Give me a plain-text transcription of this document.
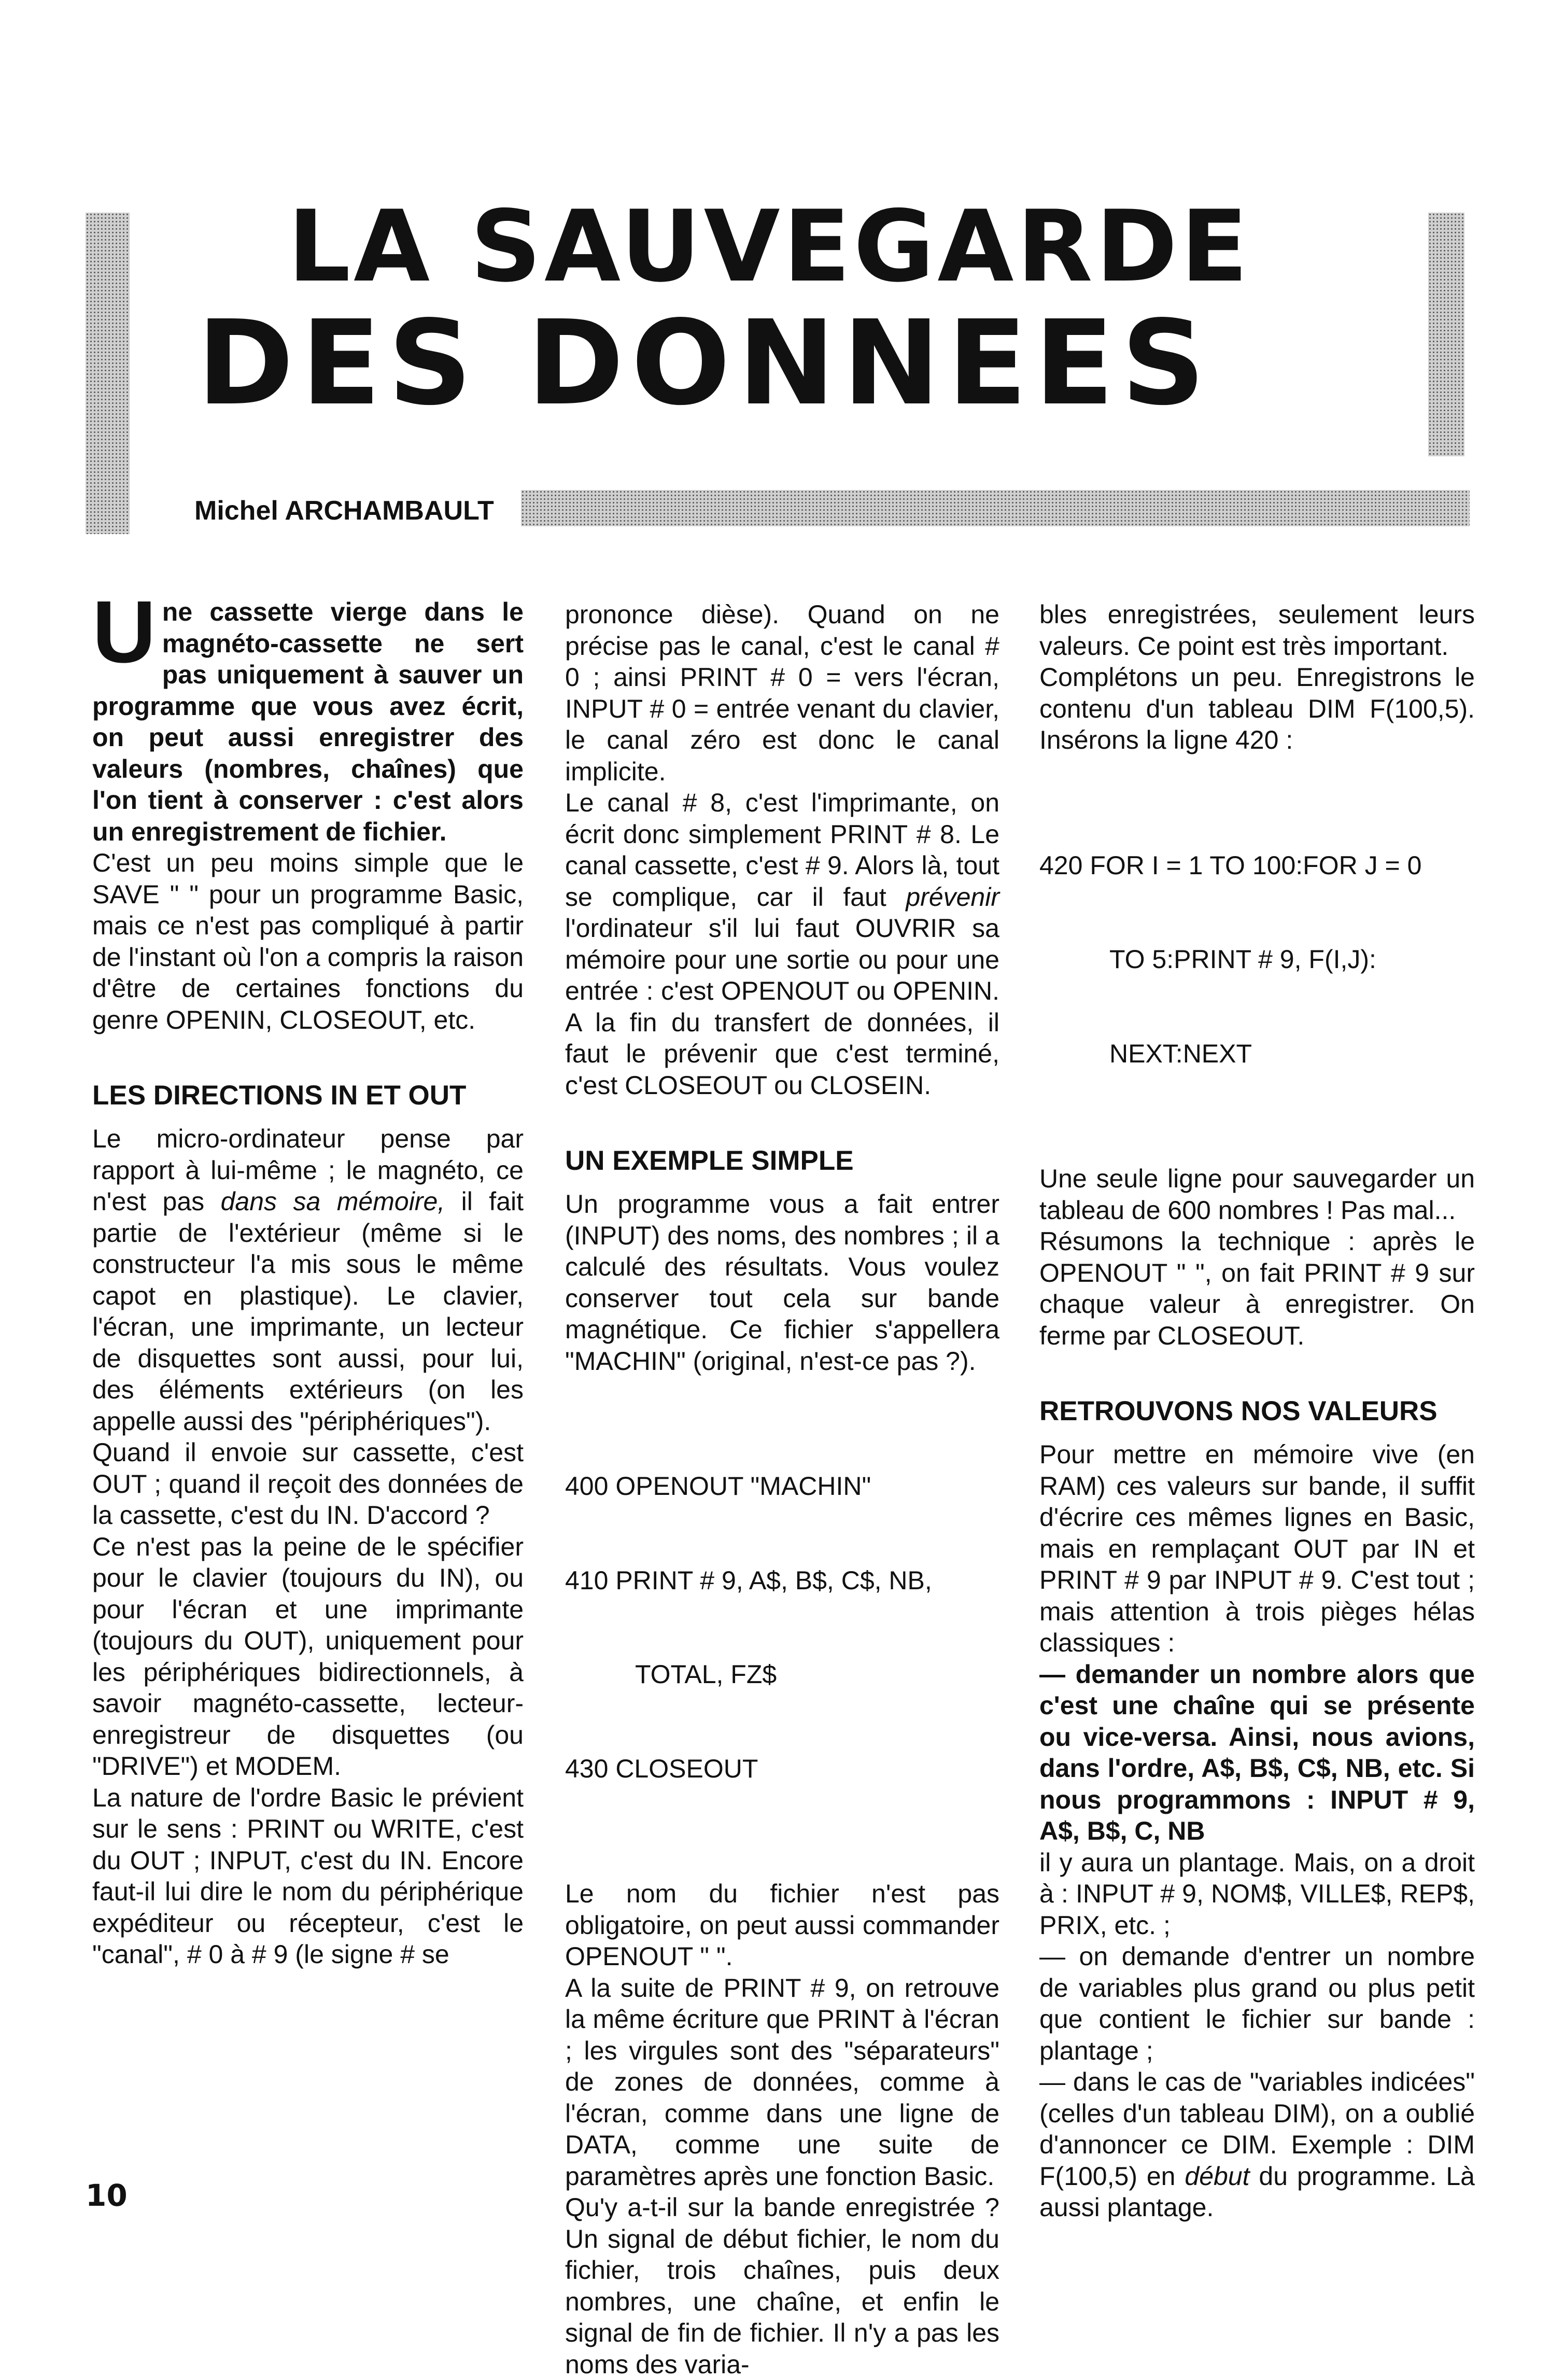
LA SAUVEGARDE
DES DONNEES
Michel ARCHAMBAULT
U ne cassette vierge dans le magnéto-cassette ne sert pas uniquement à sauver un programme que vous avez écrit, on peut aussi enregistrer des valeurs (nombres, chaînes) que l'on tient à conserver : c'est alors un enregistrement de fichier.

C'est un peu moins simple que le SAVE " " pour un programme Basic, mais ce n'est pas compliqué à partir de l'instant où l'on a compris la raison d'être de certaines fonctions du genre OPENIN, CLOSEOUT, etc.

LES DIRECTIONS IN ET OUT

Le micro-ordinateur pense par rapport à lui-même ; le magnéto, ce n'est pas dans sa mémoire, il fait partie de l'extérieur (même si le constructeur l'a mis sous le même capot en plastique). Le clavier, l'écran, une imprimante, un lecteur de disquettes sont aussi, pour lui, des éléments extérieurs (on les appelle aussi des "périphériques").

Quand il envoie sur cassette, c'est OUT ; quand il reçoit des données de la cassette, c'est du IN. D'accord ?

Ce n'est pas la peine de le spécifier pour le clavier (toujours du IN), ou pour l'écran et une imprimante (toujours du OUT), uniquement pour les périphériques bidirectionnels, à savoir magnéto-cassette, lecteur-enregistreur de disquettes (ou "DRIVE") et MODEM.

La nature de l'ordre Basic le prévient sur le sens : PRINT ou WRITE, c'est du OUT ; INPUT, c'est du IN. Encore faut-il lui dire le nom du périphérique expéditeur ou récepteur, c'est le "canal", # 0 à # 9 (le signe # se

prononce dièse). Quand on ne précise pas le canal, c'est le canal # 0 ; ainsi PRINT # 0 = vers l'écran, INPUT # 0 = entrée venant du clavier, le canal zéro est donc le canal implicite.

Le canal # 8, c'est l'imprimante, on écrit donc simplement PRINT # 8. Le canal cassette, c'est # 9. Alors là, tout se complique, car il faut prévenir l'ordinateur s'il lui faut OUVRIR sa mémoire pour une sortie ou pour une entrée : c'est OPENOUT ou OPENIN. A la fin du transfert de données, il faut le prévenir que c'est terminé, c'est CLOSEOUT ou CLOSEIN.

UN EXEMPLE SIMPLE

Un programme vous a fait entrer (INPUT) des noms, des nombres ; il a calculé des résultats. Vous voulez conserver tout cela sur bande magnétique. Ce fichier s'appellera "MACHIN" (original, n'est-ce pas ?).

400 OPENOUT "MACHIN"

410 PRINT # 9, A$, B$, C$, NB,

TOTAL, FZ$

430 CLOSEOUT

Le nom du fichier n'est pas obligatoire, on peut aussi commander OPENOUT " ".

A la suite de PRINT # 9, on retrouve la même écriture que PRINT à l'écran ; les virgules sont des "séparateurs" de zones de données, comme à l'écran, comme dans une ligne de DATA, comme une suite de paramètres après une fonction Basic.

Qu'y a-t-il sur la bande enregistrée ? Un signal de début fichier, le nom du fichier, trois chaînes, puis deux nombres, une chaîne, et enfin le signal de fin de fichier. Il n'y a pas les noms des varia-

bles enregistrées, seulement leurs valeurs. Ce point est très important.

Complétons un peu. Enregistrons le contenu d'un tableau DIM F(100,5). Insérons la ligne 420 :

420 FOR I = 1 TO 100:FOR J = 0

TO 5:PRINT # 9, F(I,J):

NEXT:NEXT

Une seule ligne pour sauvegarder un tableau de 600 nombres ! Pas mal...

Résumons la technique : après le OPENOUT " ", on fait PRINT # 9 sur chaque valeur à enregistrer. On ferme par CLOSEOUT.

RETROUVONS NOS VALEURS

Pour mettre en mémoire vive (en RAM) ces valeurs sur bande, il suffit d'écrire ces mêmes lignes en Basic, mais en remplaçant OUT par IN et PRINT # 9 par INPUT # 9. C'est tout ; mais attention à trois pièges hélas classiques :

— demander un nombre alors que c'est une chaîne qui se présente ou vice-versa. Ainsi, nous avions, dans l'ordre, A$, B$, C$, NB, etc. Si nous programmons : INPUT # 9, A$, B$, C, NB

il y aura un plantage. Mais, on a droit à : INPUT # 9, NOM$, VILLE$, REP$, PRIX, etc. ;

— on demande d'entrer un nombre de variables plus grand ou plus petit que contient le fichier sur bande : plantage ;

— dans le cas de "variables indicées" (celles d'un tableau DIM), on a oublié d'annoncer ce DIM. Exemple : DIM F(100,5) en début du programme. Là aussi plantage.

10
